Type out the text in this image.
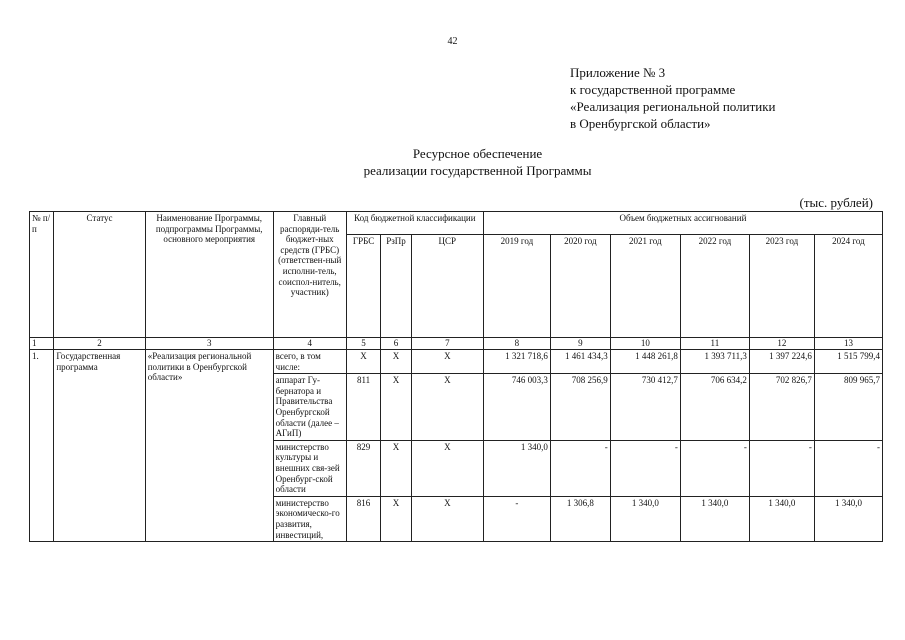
42
Приложение № 3
к государственной программе
«Реализация региональной политики
в Оренбургской области»
Ресурсное обеспечение
реализации государственной Программы
(тыс. рублей)
№ п/п	Статус	Наименование Программы, подпрограммы Программы, основного мероприятия	Главный распоряди-тель бюджет-ных средств (ГРБС) (ответствен-ный исполни-тель, соиспол-нитель, участник)	Код бюджетной классификации			Объем бюджетных ассигнований					
				ГРБС	РзПр	ЦСР	2019 год	2020 год	2021 год	2022 год	2023 год	2024 год
1	2	3	4	5	6	7	8	9	10	11	12	13
1.	Государственная программа	«Реализация региональной политики в Оренбургской области»	всего, в том числе:	X	X	X	1 321 718,6	1 461 434,3	1 448 261,8	1 393 711,3	1 397 224,6	1 515 799,4
			аппарат Гу-бернатора и Правительства Оренбургской области (далее – АГиП)	811	X	X	746 003,3	708 256,9	730 412,7	706 634,2	702 826,7	809 965,7
			министерство культуры и внешних свя-зей Оренбург-ской области	829	X	X	1 340,0	-	-	-	-	-
			министерство экономическо-го развития, инвестиций,	816	X	X	-	1 306,8	1 340,0	1 340,0	1 340,0	1 340,0
